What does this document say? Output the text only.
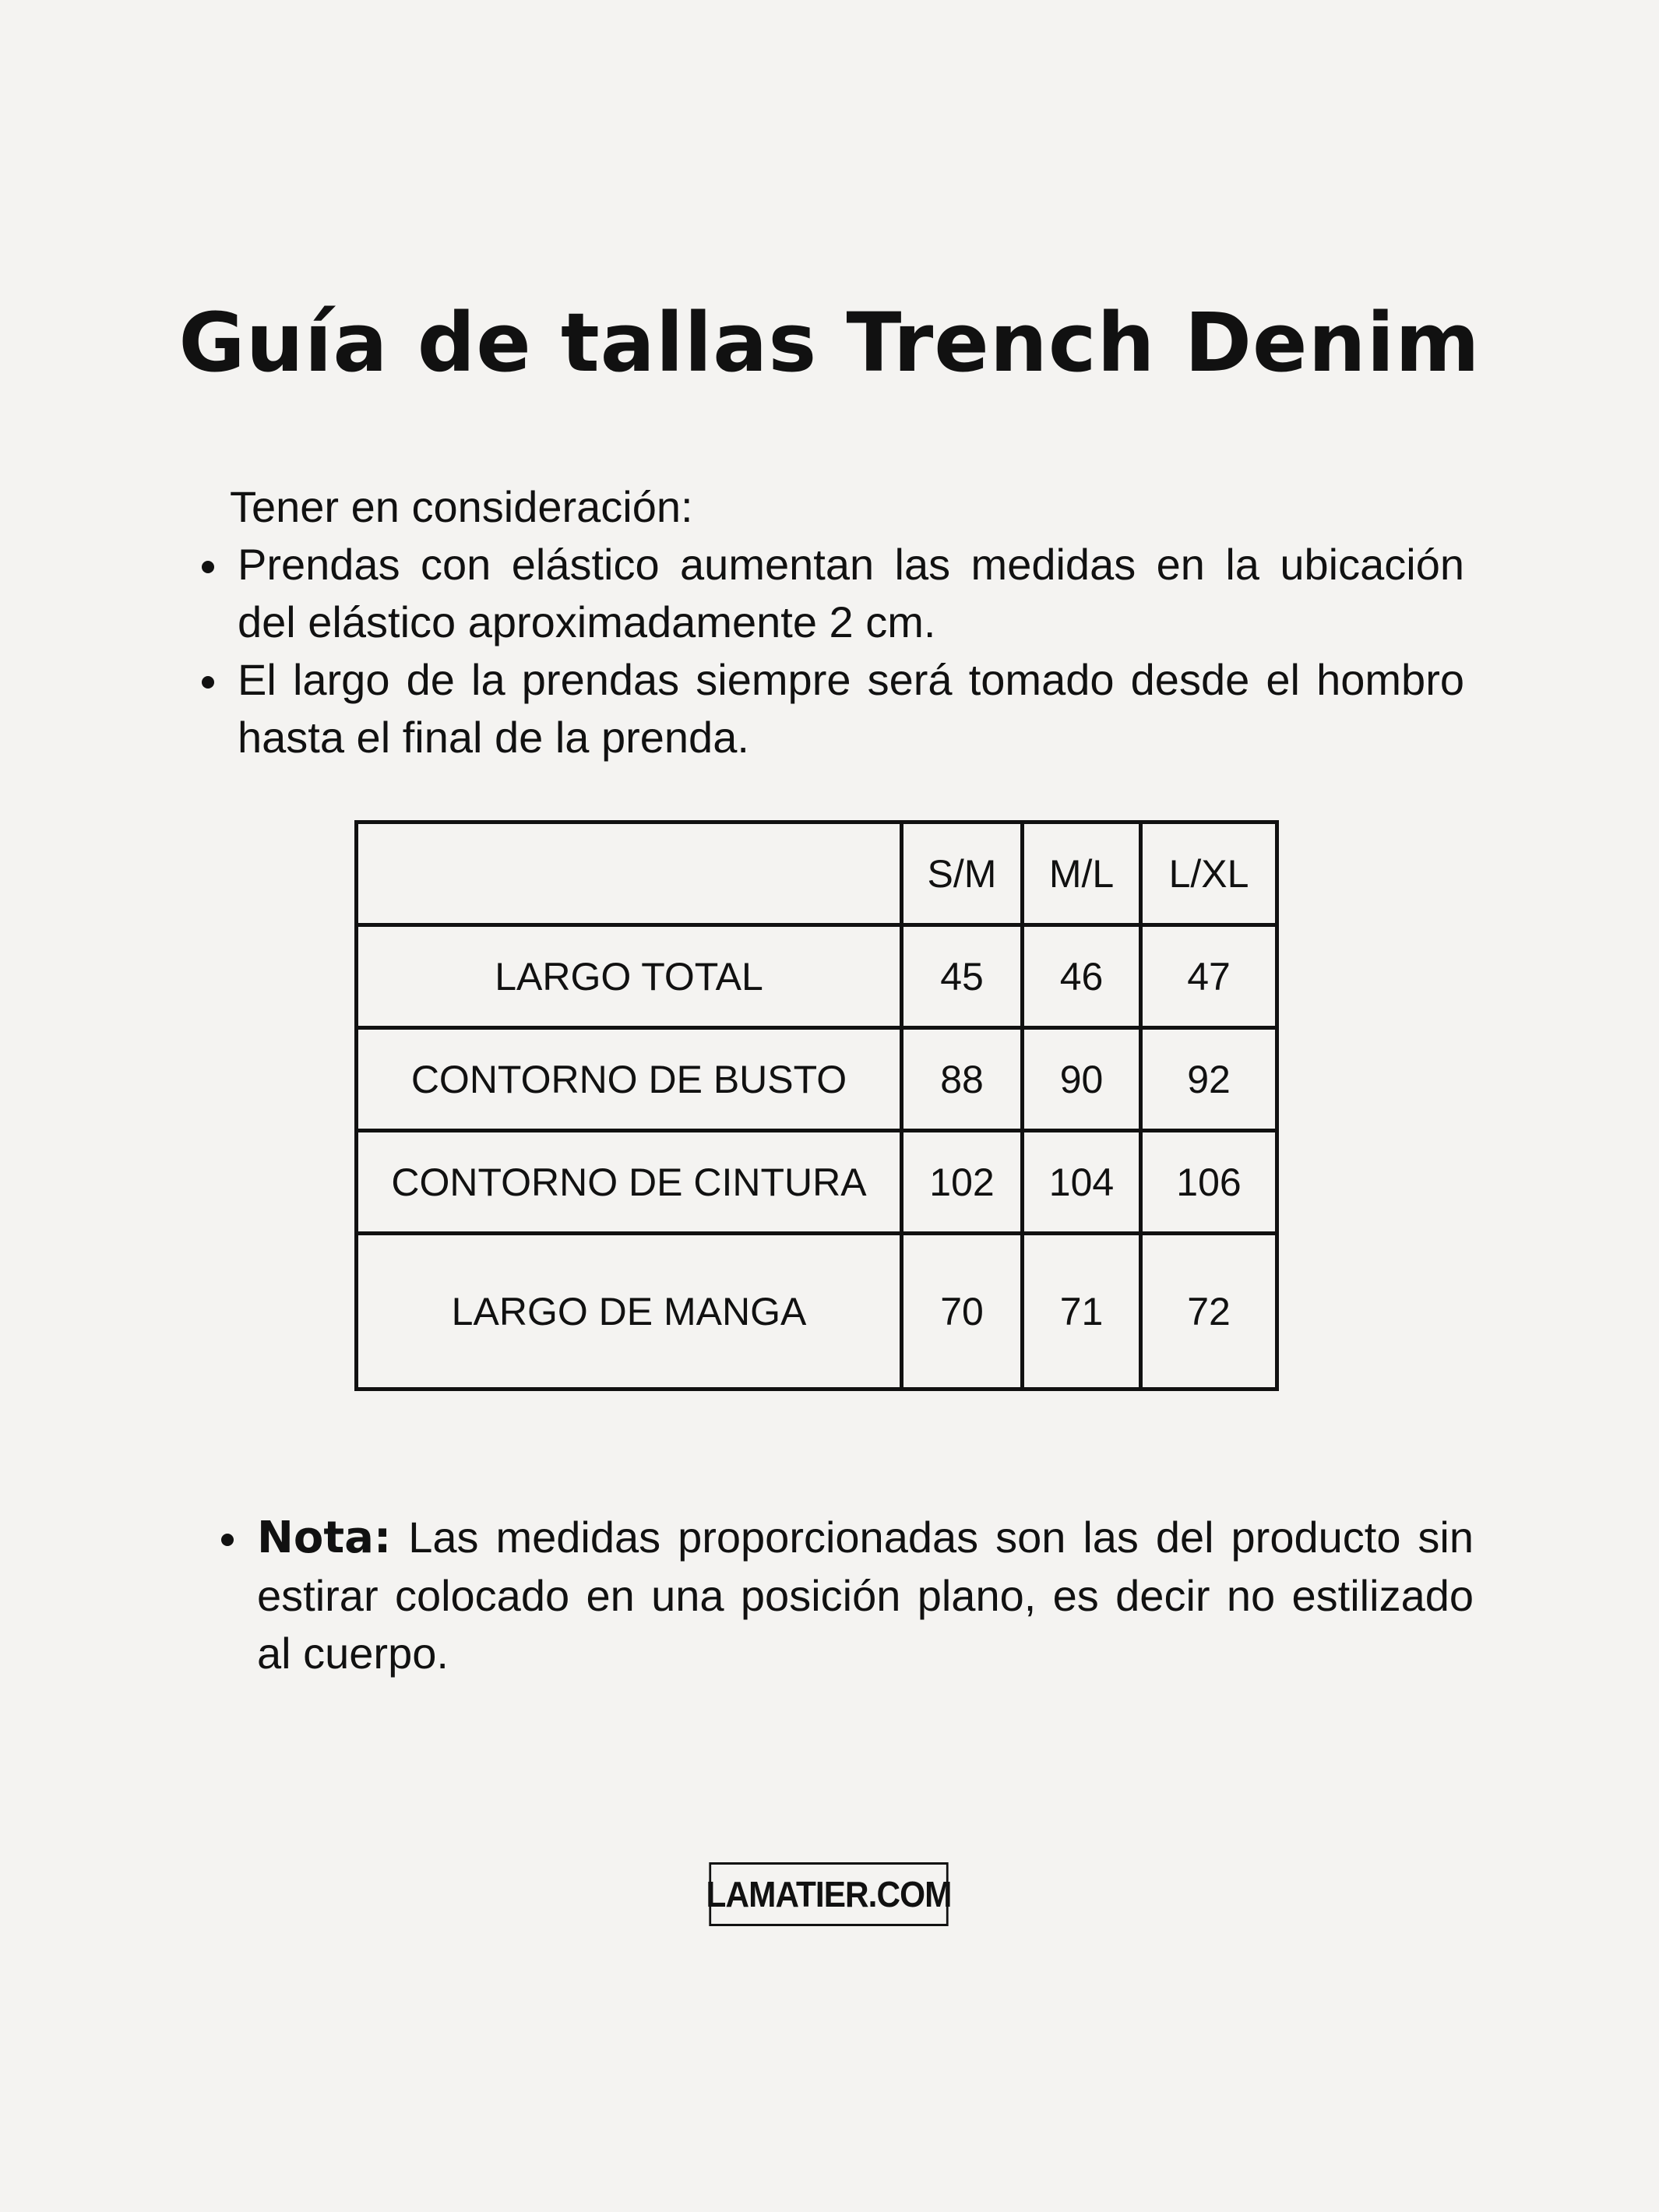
Guía de tallas Trench Denim
Tener en consideración:
Prendas con elástico aumentan las medidas en la ubicación del elástico aproximadamente 2 cm.
El largo de la prendas siempre será tomado desde el hombro hasta el final de la prenda.
	S/M	M/L	L/XL
LARGO TOTAL	45	46	47
CONTORNO DE BUSTO	88	90	92
CONTORNO DE CINTURA	102	104	106
LARGO DE MANGA	70	71	72
Nota: Las medidas proporcionadas son las del producto sin estirar colocado en una posición plano, es decir no estilizado al cuerpo.
LAMATIER.COM
